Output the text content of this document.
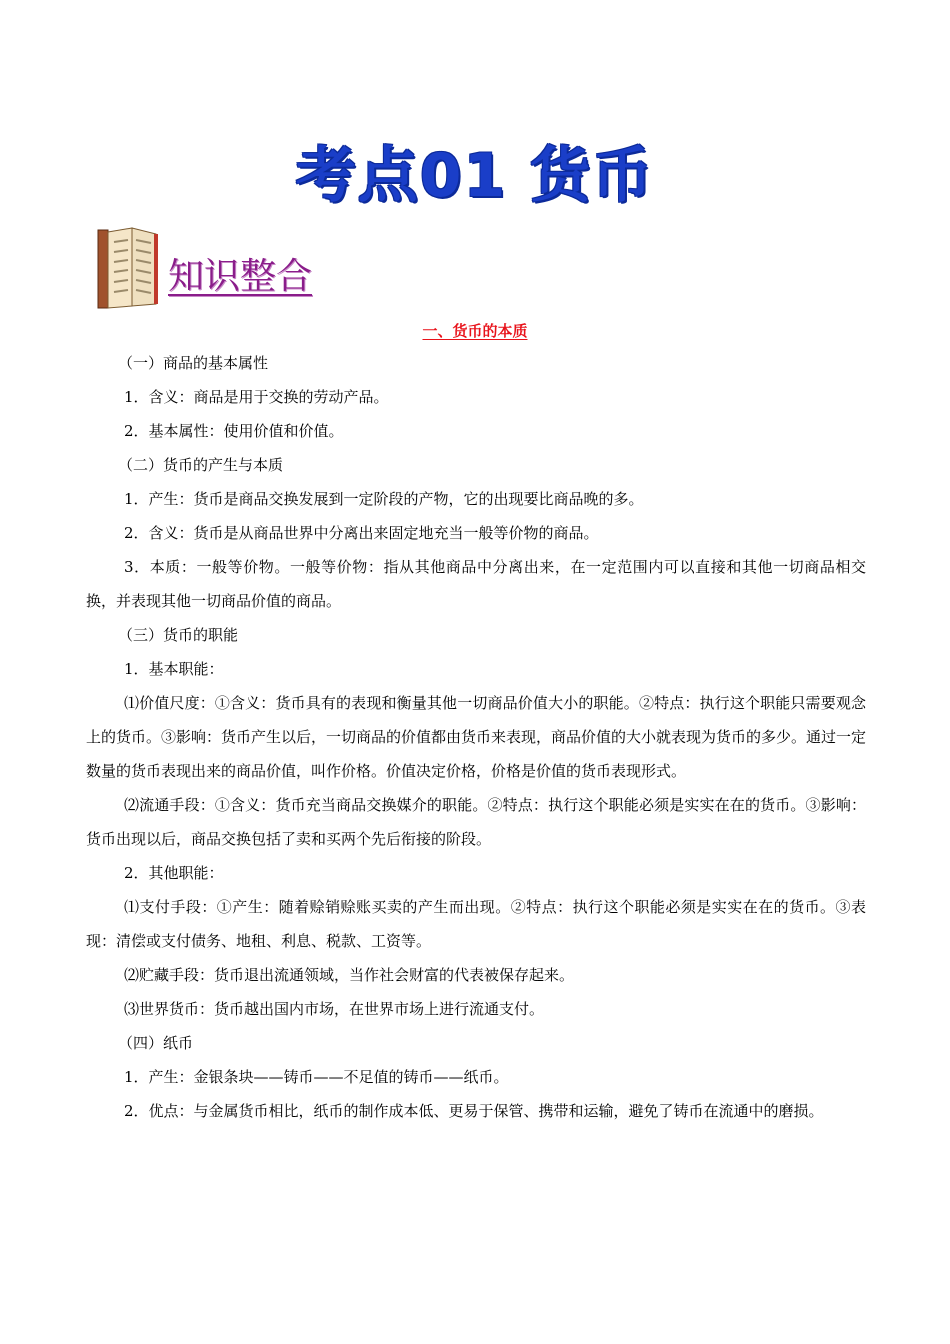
考点01 货币
知识整合
一、货币的本质

（一）商品的基本属性

1．含义：商品是用于交换的劳动产品。

2．基本属性：使用价值和价值。

（二）货币的产生与本质

1．产生：货币是商品交换发展到一定阶段的产物，它的出现要比商品晚的多。

2．含义：货币是从商品世界中分离出来固定地充当一般等价物的商品。

3．本质：一般等价物。一般等价物：指从其他商品中分离出来，在一定范围内可以直接和其他一切商品相交换，并表现其他一切商品价值的商品。

（三）货币的职能

1．基本职能：

⑴价值尺度：①含义：货币具有的表现和衡量其他一切商品价值大小的职能。②特点：执行这个职能只需要观念上的货币。③影响：货币产生以后，一切商品的价值都由货币来表现，商品价值的大小就表现为货币的多少。通过一定数量的货币表现出来的商品价值，叫作价格。价值决定价格，价格是价值的货币表现形式。

⑵流通手段：①含义：货币充当商品交换媒介的职能。②特点：执行这个职能必须是实实在在的货币。③影响：货币出现以后，商品交换包括了卖和买两个先后衔接的阶段。

2．其他职能：

⑴支付手段：①产生：随着赊销赊账买卖的产生而出现。②特点：执行这个职能必须是实实在在的货币。③表现：清偿或支付债务、地租、利息、税款、工资等。

⑵贮藏手段：货币退出流通领域，当作社会财富的代表被保存起来。

⑶世界货币：货币越出国内市场，在世界市场上进行流通支付。

（四）纸币

1．产生：金银条块——铸币——不足值的铸币——纸币。

2．优点：与金属货币相比，纸币的制作成本低、更易于保管、携带和运输，避免了铸币在流通中的磨损。
